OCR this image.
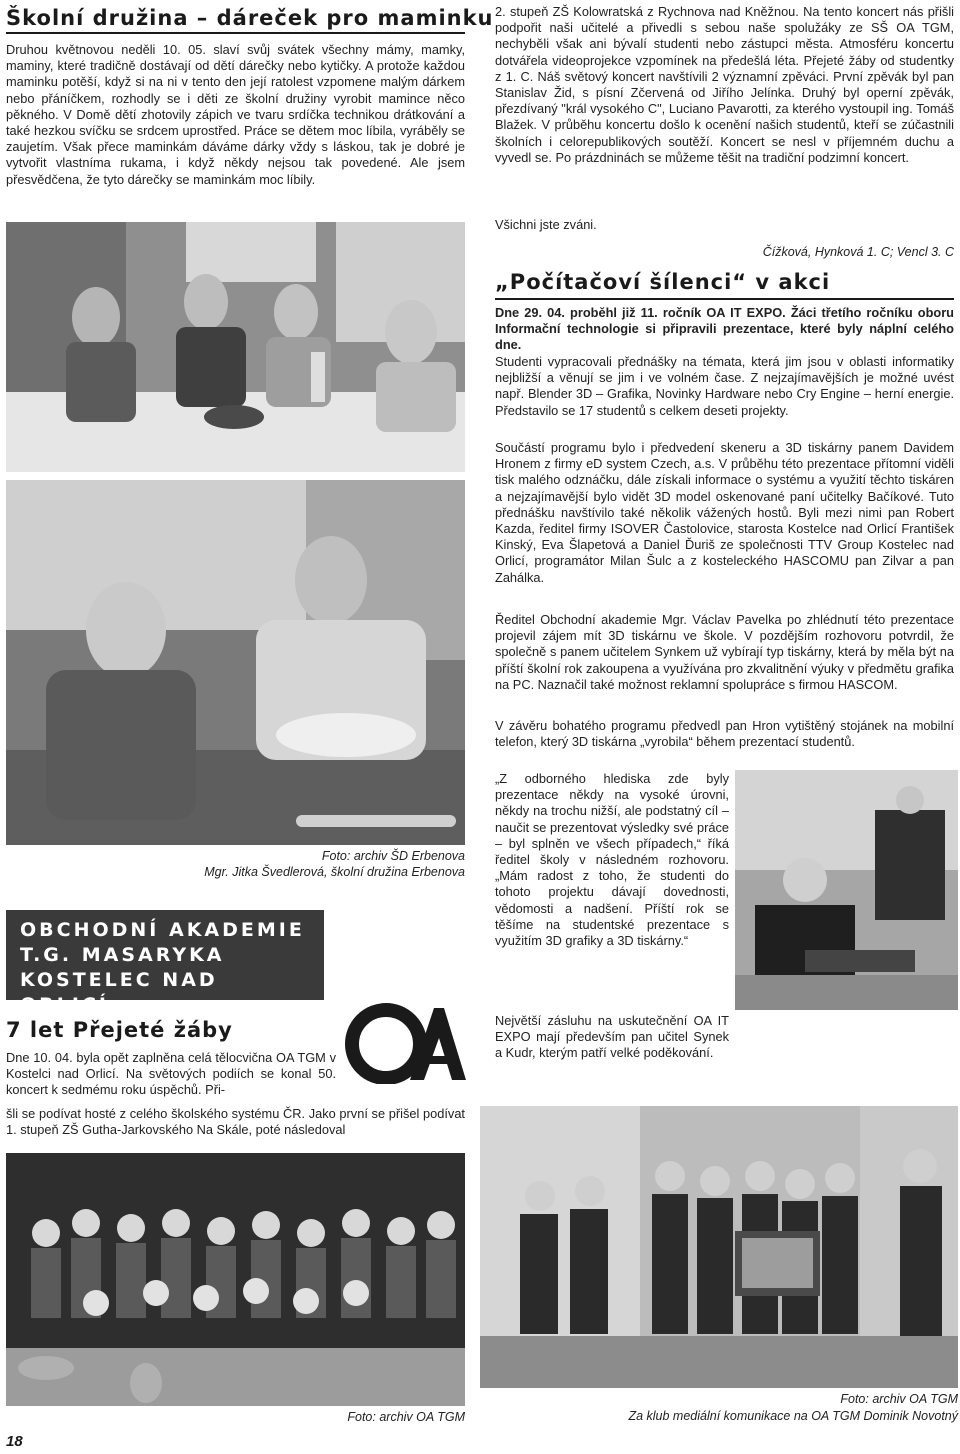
Školní družina – dáreček pro maminku

Druhou květnovou neděli 10. 05. slaví svůj svátek všechny mámy, mamky, maminy, které tradičně dostávají od dětí dárečky nebo kytičky. A protože každou maminku potěší, když si na ni v tento den její ratolest vzpomene malým dárkem nebo přáníčkem, rozhodly se i děti ze školní družiny vyrobit mamince něco pěkného. V Domě dětí zhotovily zápich ve tvaru srdíčka technikou drátkování a také hezkou svíčku se srdcem uprostřed. Práce se dětem moc líbila, vyráběly se zaujetím. Však přece maminkám dáváme dárky vždy s láskou, tak je dobré je vytvořit vlastníma rukama, i když někdy nejsou tak povedené. Ale jsem přesvědčena, že tyto dárečky se maminkám moc líbily.

Foto: archiv ŠD Erbenova
Mgr. Jitka Švedlerová, školní družina Erbenova
OBCHODNÍ AKADEMIE
T.G. MASARYKA
KOSTELEC NAD ORLICÍ
7 let Přejeté žáby

Dne 10. 04. byla opět zaplněna celá tělocvična OA TGM v Kostelci nad Orlicí. Na světových podiích se konal 50. koncert k sedmému roku úspěchů. Při-

šli se podívat hosté z celého školského systému ČR. Jako první se přišel podívat 1. stupeň ZŠ Gutha-Jarkovského Na Skále, poté následoval

Foto: archiv OA TGM
18

2. stupeň ZŠ Kolowratská z Rychnova nad Kněžnou. Na tento koncert nás přišli podpořit naši učitelé a přivedli s sebou naše spolužáky ze SŠ OA TGM, nechyběli však ani bývalí studenti nebo zástupci města. Atmosféru koncertu dotvářela videoprojekce vzpomínek na předešlá léta. Přejeté žáby od studentky z 1. C. Náš světový koncert navštívili 2 významní zpěváci. První zpěvák byl pan Stanislav Žid, s písní Zčervená od Jiřího Jelínka. Druhý byl operní zpěvák, přezdívaný "král vysokého C", Luciano Pavarotti, za kterého vystoupil ing. Tomáš Blažek. V průběhu koncertu došlo k ocenění našich studentů, kteří se zúčastnili školních i celorepublikových soutěží. Koncert se nesl v příjemném duchu a vyvedl se. Po prázdninách se můžeme těšit na tradiční podzimní koncert.

Všichni jste zváni.

Čížková, Hynková 1. C; Vencl 3. C
„Počítačoví šílenci“ v akci

Dne 29. 04. proběhl již 11. ročník OA IT EXPO. Žáci třetího ročníku oboru Informační technologie si připravili prezentace, které byly náplní celého dne.

Studenti vypracovali přednášky na témata, která jim jsou v oblasti informatiky nejbližší a věnují se jim i ve volném čase. Z nejzajímavějších je možné uvést např. Blender 3D – Grafika, Novinky Hardware nebo Cry Engine – herní energie. Představilo se 17 studentů s celkem deseti projekty.

Součástí programu bylo i předvedení skeneru a 3D tiskárny panem Davidem Hronem z firmy eD system Czech, a.s. V průběhu této prezentace přítomní viděli tisk malého odznáčku, dále získali informace o systému a využití těchto tiskáren a nejzajímavější bylo vidět 3D model oskenované paní učitelky Bačíkové. Tuto přednášku navštívilo také několik vážených hostů. Byli mezi nimi pan Robert Kazda, ředitel firmy ISOVER Častolovice, starosta Kostelce nad Orlicí František Kinský, Eva Šlapetová a Daniel Ďuriš ze společnosti TTV Group Kostelec nad Orlicí, programátor Milan Šulc a z kosteleckého HASCOMU pan Zilvar a pan Zahálka.

Ředitel Obchodní akademie Mgr. Václav Pavelka po zhlédnutí této prezentace projevil zájem mít 3D tiskárnu ve škole. V pozdějším rozhovoru potvrdil, že společně s panem učitelem Synkem už vybírají typ tiskárny, která by měla být na příští školní rok zakoupena a využívána pro zkvalitnění výuky v předmětu grafika na PC. Naznačil také možnost reklamní spolupráce s firmou HASCOM.

V závěru bohatého programu předvedl pan Hron vytištěný stojánek na mobilní telefon, který 3D tiskárna „vyrobila“ během prezentací studentů.

„Z odborného hlediska zde byly prezentace někdy na vysoké úrovni, někdy na trochu nižší, ale podstatný cíl – naučit se prezentovat výsledky své práce – byl splněn ve všech případech,“ říká ředitel školy v následném rozhovoru. „Mám radost z toho, že studenti do tohoto projektu dávají dovednosti, vědomosti a nadšení. Příští rok se těšíme na studentské prezentace s využitím 3D grafiky a 3D tiskárny.“

Největší zásluhu na uskutečnění OA IT EXPO mají především pan učitel Synek a Kudr, kterým patří velké poděkování.

Foto: archiv OA TGM
Za klub mediální komunikace na OA TGM Dominik Novotný
